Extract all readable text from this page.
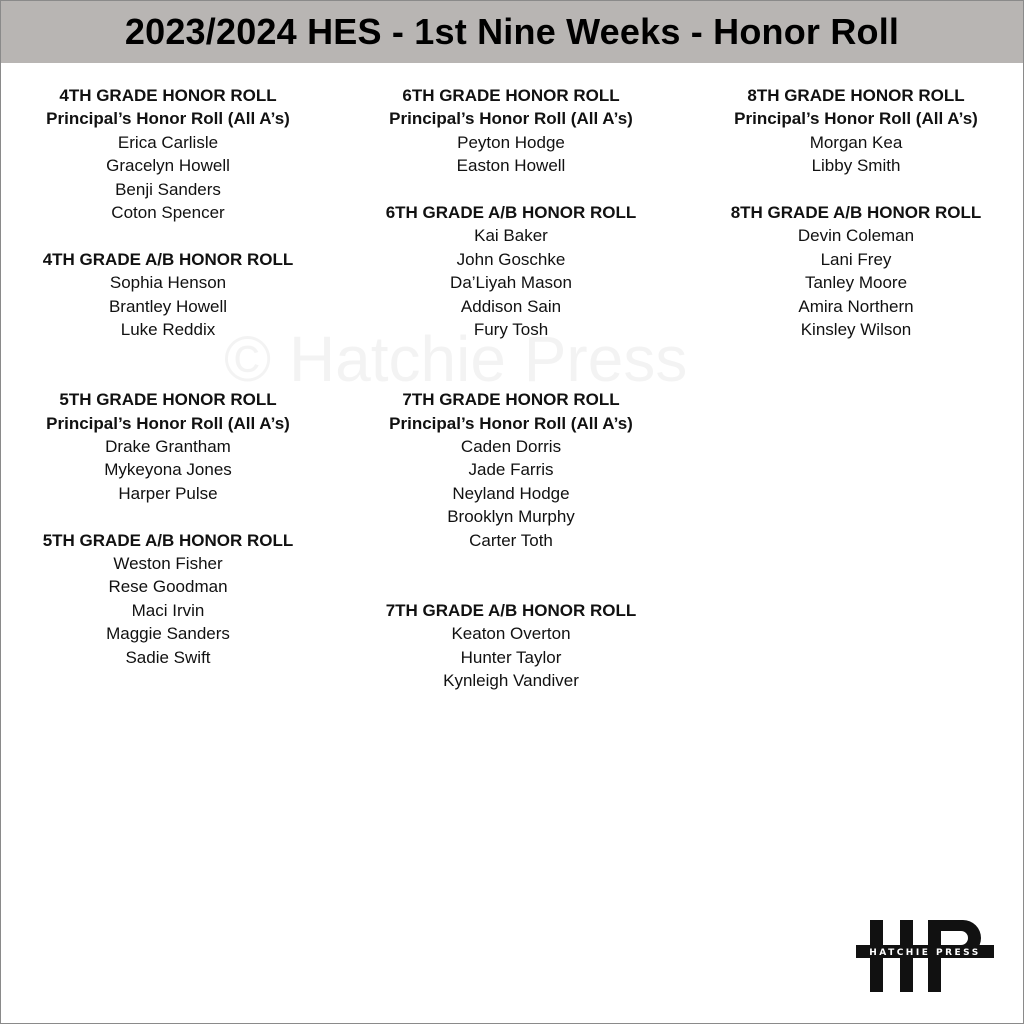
2023/2024 HES - 1st Nine Weeks - Honor Roll
4TH GRADE HONOR ROLL
Principal’s Honor Roll (All A’s)
Erica Carlisle
Gracelyn Howell
Benji Sanders
Coton Spencer
4TH GRADE A/B HONOR ROLL
Sophia Henson
Brantley Howell
Luke Reddix
5TH GRADE HONOR ROLL
Principal’s Honor Roll (All A’s)
Drake Grantham
Mykeyona Jones
Harper Pulse
5TH GRADE A/B HONOR ROLL
Weston Fisher
Rese Goodman
Maci Irvin
Maggie Sanders
Sadie Swift
6TH GRADE HONOR ROLL
Principal’s Honor Roll (All A’s)
Peyton Hodge
Easton Howell
6TH GRADE A/B HONOR ROLL
Kai Baker
John Goschke
Da’Liyah Mason
Addison Sain
Fury Tosh
7TH GRADE HONOR ROLL
Principal’s Honor Roll (All A’s)
Caden Dorris
Jade Farris
Neyland Hodge
Brooklyn Murphy
Carter Toth
7TH GRADE A/B HONOR ROLL
Keaton Overton
Hunter Taylor
Kynleigh Vandiver
8TH GRADE HONOR ROLL
Principal’s Honor Roll (All A’s)
Morgan Kea
Libby Smith
8TH GRADE A/B HONOR ROLL
Devin Coleman
Lani Frey
Tanley Moore
Amira Northern
Kinsley Wilson
HATCHIE PRESS
